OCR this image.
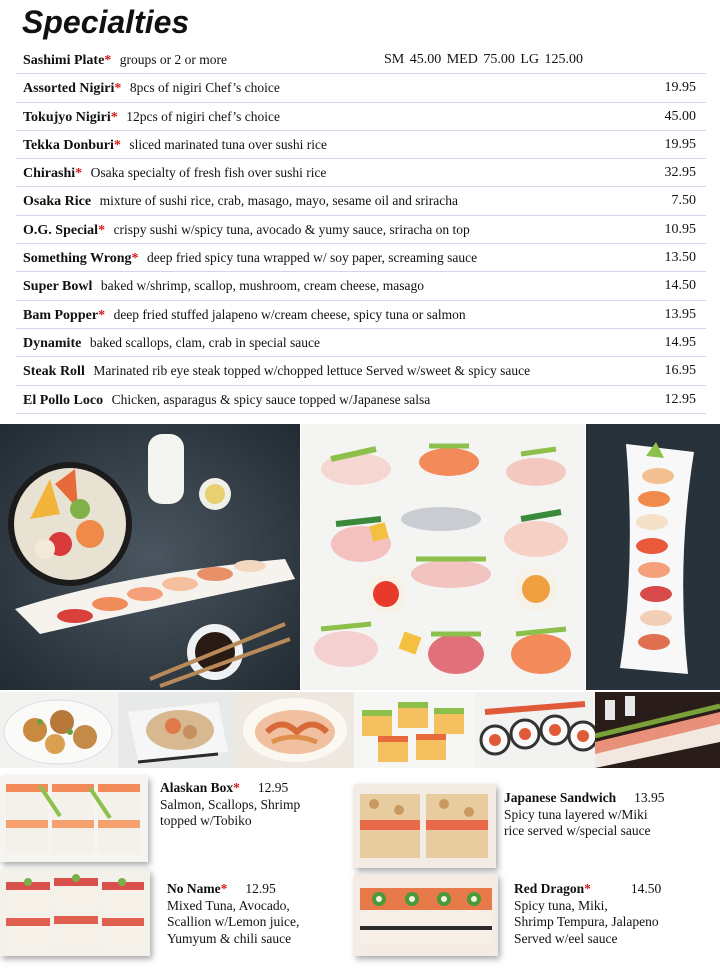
Specialties
Sashimi Plate* groups or 2 or more	SM 45.00 MED 75.00 LG 125.00
Assorted Nigiri* 8pcs of nigiri Chef’s choice	19.95
Tokujyo Nigiri* 12pcs of nigiri chef’s choice	45.00
Tekka Donburi* sliced marinated tuna over sushi rice	19.95
Chirashi* Osaka specialty of fresh fish over sushi rice	32.95
Osaka Rice mixture of sushi rice, crab, masago, mayo, sesame oil and sriracha	7.50
O.G. Special* crispy sushi w/spicy tuna, avocado & yumy sauce, sriracha on top	10.95
Something Wrong* deep fried spicy tuna wrapped w/ soy paper, screaming sauce	13.50
Super Bowl baked w/shrimp, scallop, mushroom, cream cheese, masago	14.50
Bam Popper* deep fried stuffed jalapeno w/cream cheese, spicy tuna or salmon	13.95
Dynamite baked scallops, clam, crab in special sauce	14.95
Steak Roll Marinated rib eye steak topped w/chopped lettuce Served w/sweet & spicy sauce	16.95
El Pollo Loco Chicken, asparagus & spicy sauce topped w/Japanese salsa	12.95
Alaskan Box* 12.95
Salmon, Scallops, Shrimp
topped w/Tobiko
Japanese Sandwich 13.95
Spicy tuna layered w/Miki
rice served w/special sauce
No Name* 12.95
Mixed Tuna, Avocado,
Scallion w/Lemon juice,
Yumyum & chili sauce
Red Dragon*	14.50
Spicy tuna, Miki,
Shrimp Tempura, Jalapeno
Served w/eel sauce
